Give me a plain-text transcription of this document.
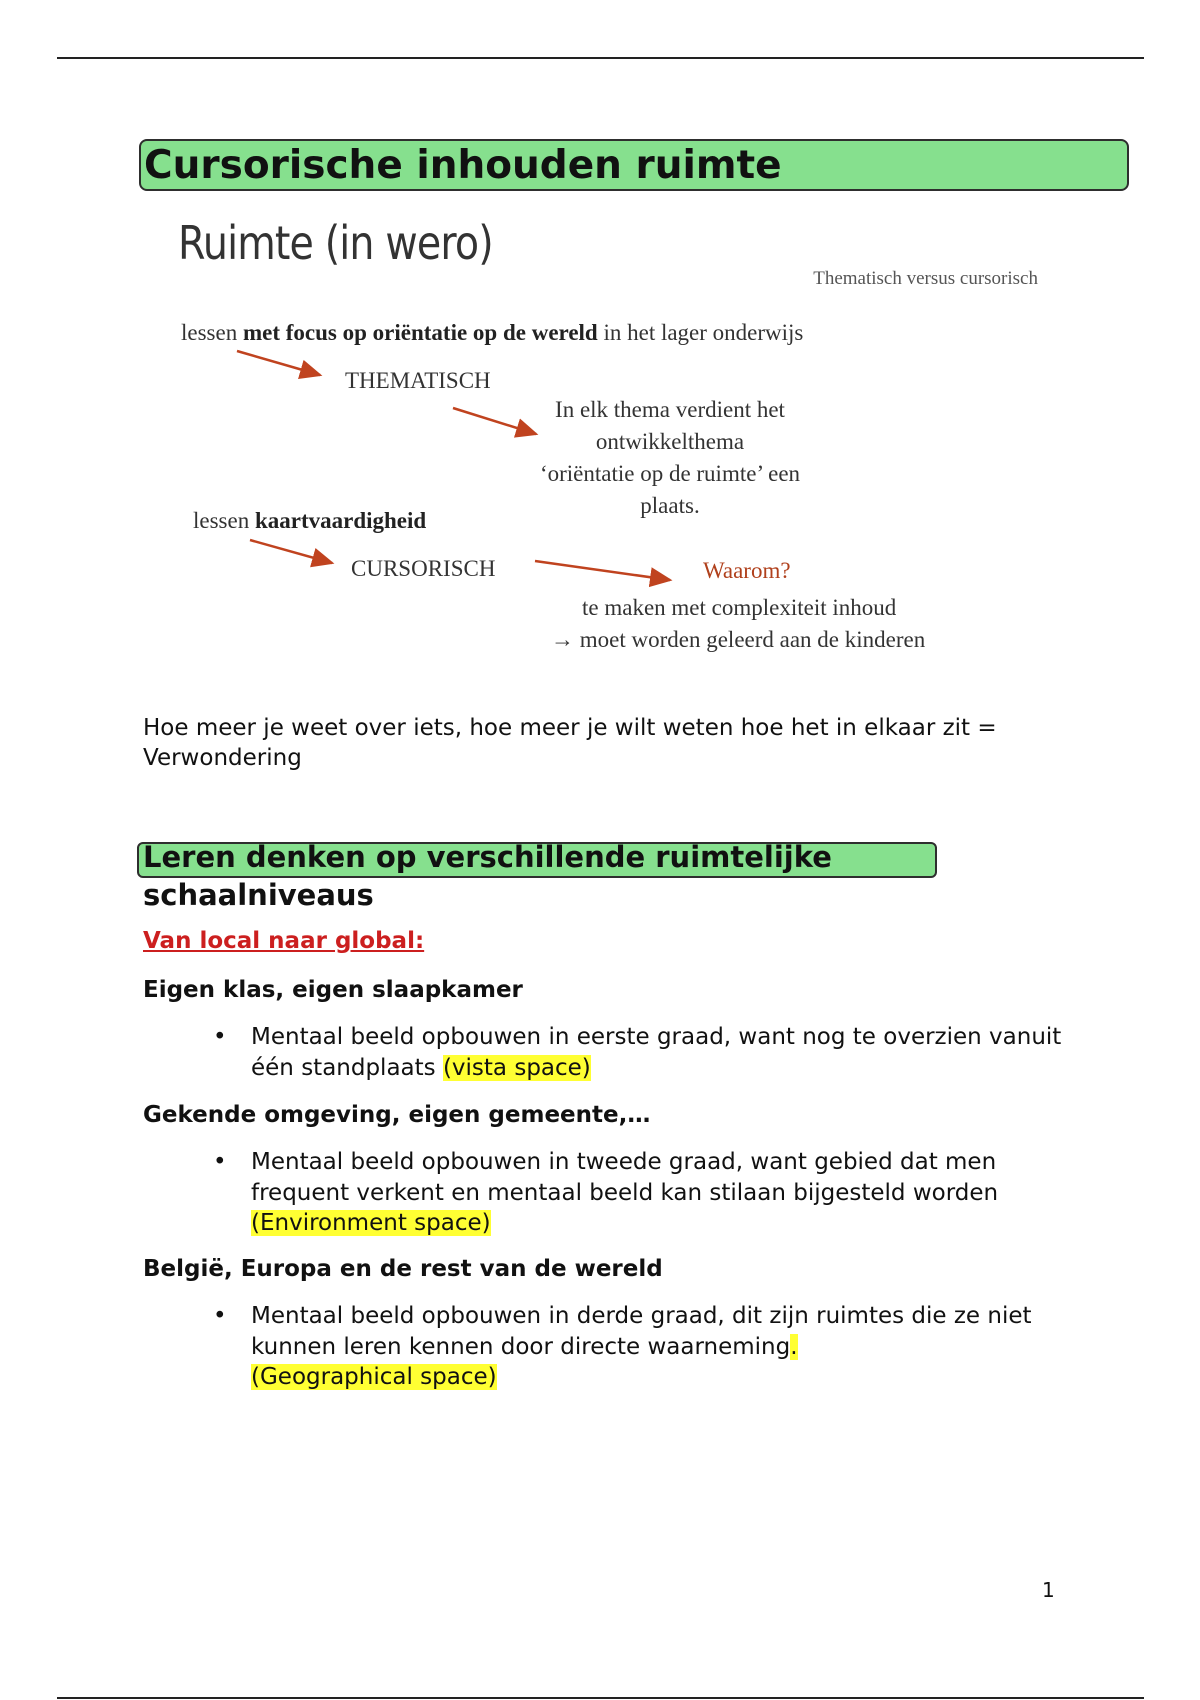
Cursorische inhouden ruimte
Ruimte (in wero)
Thematisch versus cursorisch
lessen met focus op oriëntatie op de wereld in het lager onderwijs
THEMATISCH
In elk thema verdient het
ontwikkelthema
‘oriëntatie op de ruimte’ een
plaats.
lessen kaartvaardigheid
CURSORISCH	Waarom?
te maken met complexiteit inhoud
→ moet worden geleerd aan de kinderen
Hoe meer je weet over iets, hoe meer je wilt weten hoe het in elkaar zit = Verwondering
Leren denken op verschillende ruimtelijke schaalniveaus
Van local naar global:
Eigen klas, eigen slaapkamer
• Mentaal beeld opbouwen in eerste graad, want nog te overzien vanuit één standplaats (vista space)
Gekende omgeving, eigen gemeente,…
• Mentaal beeld opbouwen in tweede graad, want gebied dat men frequent verkent en mentaal beeld kan stilaan bijgesteld worden (Environment space)
België, Europa en de rest van de wereld
• Mentaal beeld opbouwen in derde graad, dit zijn ruimtes die ze niet kunnen leren kennen door directe waarneming.
(Geographical space)
1
